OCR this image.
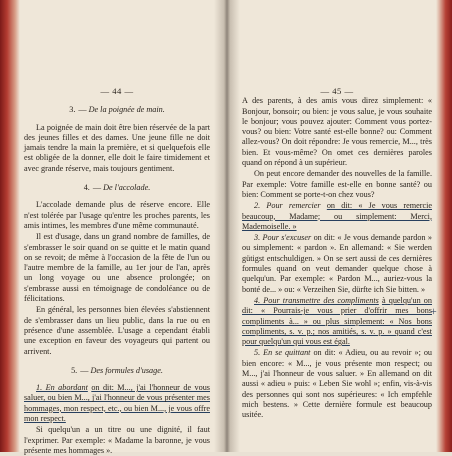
— 44 —
3. — De la poignée de main.

La poignée de main doit être bien réservée de la part des jeunes filles et des dames. Une jeune fille ne doit jamais tendre la main la première, et si quelquefois elle est obligée de la donner, elle doit le faire timidement et avec grande réserve, mais toujours gentiment.

4. — De l'accolade.

L'accolade demande plus de réserve encore. Elle n'est tolérée par l'usage qu'entre les proches parents, les amis intimes, les membres d'une même communauté.

Il est d'usage, dans un grand nombre de familles, de s'embrasser le soir quand on se quitte et le matin quand on se revoit; de même à l'occasion de la fête de l'un ou l'autre membre de la famille, au 1er jour de l'an, après un long voyage ou une absence prolongée; on s'embrasse aussi en témoignage de condoléance ou de félicitations.

En général, les personnes bien élevées s'abstiennent de s'embrasser dans un lieu public, dans la rue ou en présence d'une assemblée. L'usage a cependant établi une exception en faveur des voyageurs qui partent ou arrivent.

5. — Des formules d'usage.

1. En abordant on dit: M..., j'ai l'honneur de vous saluer, ou bien M..., j'ai l'honneur de vous présenter mes hommages, mon respect, etc., ou bien M..., je vous offre mon respect.

Si quelqu'un a un titre ou une dignité, il faut l'exprimer. Par exemple: « Madame la baronne, je vous présente mes hommages ».

— 45 —

A des parents, à des amis vous direz simplement: « Bonjour, bonsoir; ou bien: je vous salue, je vous souhaite le bonjour; vous pouvez ajouter: Comment vous portez-vous? ou bien: Votre santé est-elle bonne? ou: Comment allez-vous? On doit répondre: Je vous remercie, M..., très bien. Et vous-même? On omet ces dernières paroles quand on répond à un supérieur.

On peut encore demander des nouvelles de la famille. Par exemple: Votre famille est-elle en bonne santé? ou bien: Comment se porte-t-on chez vous?

2. Pour remercier on dit: « Je vous remercie beaucoup, Madame; ou simplement: Merci, Mademoiselle. »

3. Pour s'excuser on dit: « Je vous demande pardon » ou simplement: « pardon ». En allemand: « Sie werden gütigst entschuldigen. » On se sert aussi de ces dernières formules quand on veut demander quelque chose à quelqu'un. Par exemple: « Pardon M..., auriez-vous la bonté de... » ou: « Verzeihen Sie, dürfte ich Sie bitten. »

4. Pour transmettre des compliments à quelqu'un on dit: « Pourrais-je vous prier d'offrir mes bons compliments à... » ou plus simplement: « Nos bons compliments, s. v. p.; nos amitiés, s. v. p. » quand c'est pour quelqu'un qui vous est égal.

5. En se quittant on dit: « Adieu, ou au revoir »; ou bien encore: « M..., je vous présente mon respect; ou M..., j'ai l'honneur de vous saluer. » En allemand on dit aussi « adieu » puis: « Leben Sie wohl »; enfin, vis-à-vis des personnes qui sont nos supérieures: « Ich empfehle mich bestens. » Cette dernière formule est beaucoup usitée.

+
